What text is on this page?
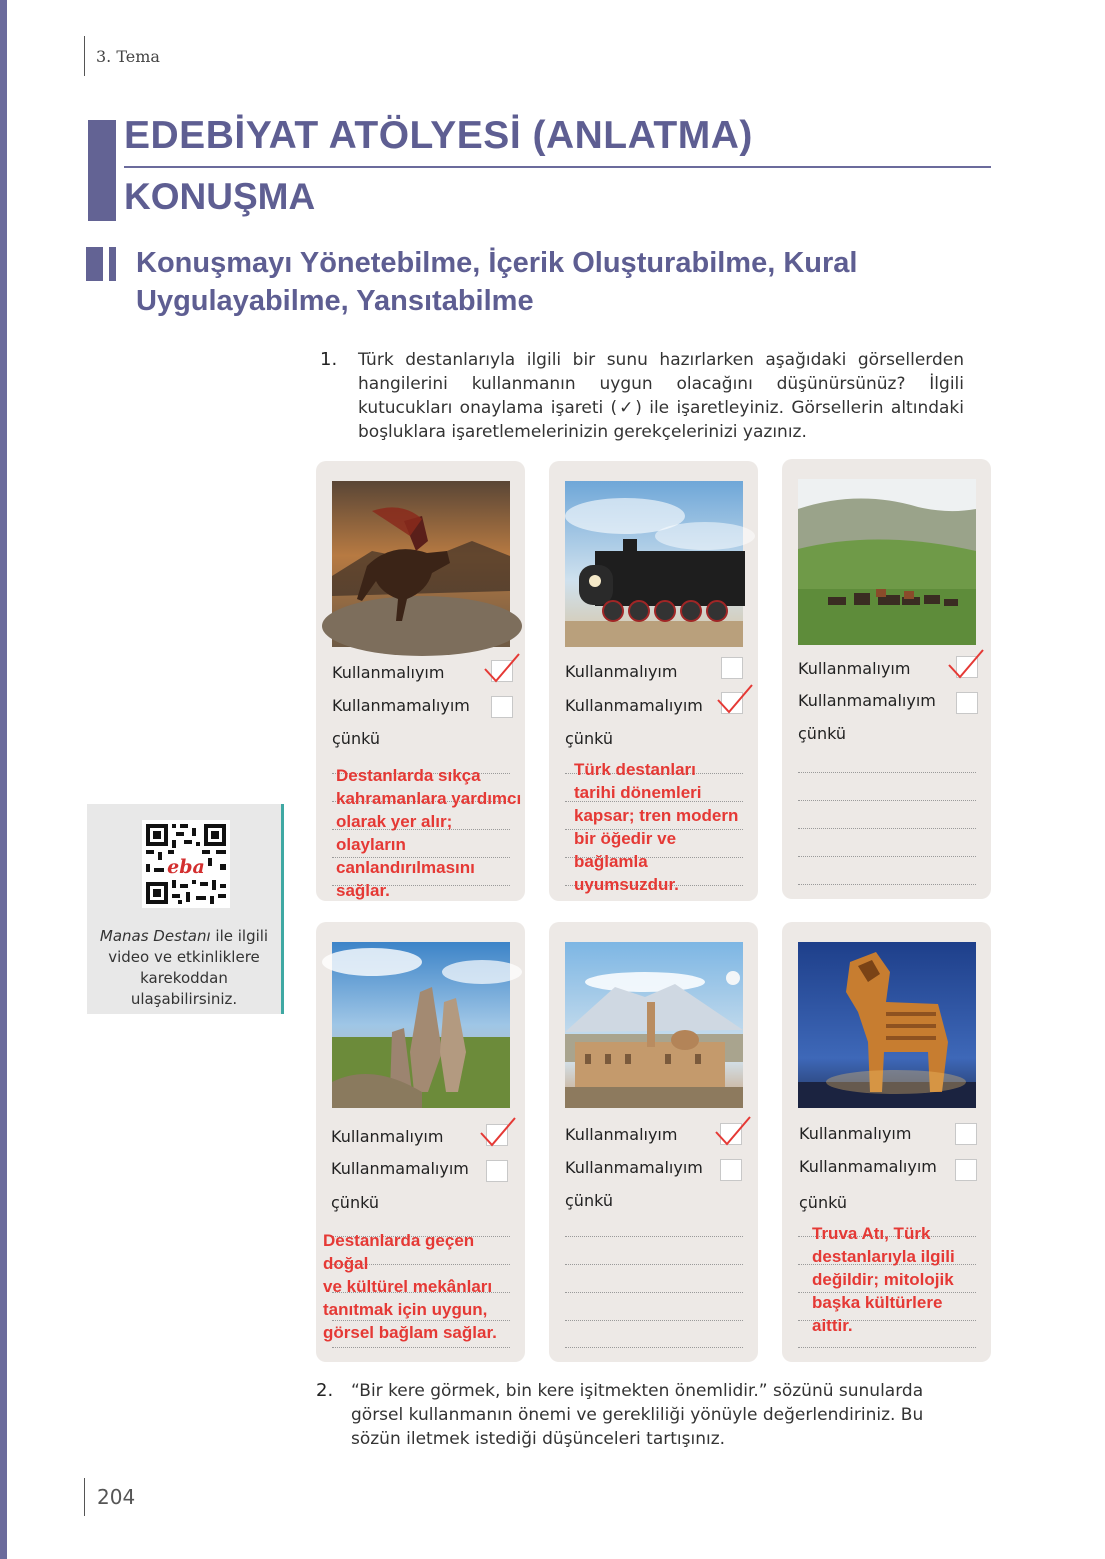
3. Tema
EDEBİYAT ATÖLYESİ (ANLATMA)
KONUŞMA
Konuşmayı Yönetebilme, İçerik Oluşturabilme, Kural Uygulayabilme, Yansıtabilme
1. Türk destanlarıyla ilgili bir sunu hazırlarken aşağıdaki görsellerden hangilerini kullanmanın uygun olacağını düşünürsünüz? İlgili kutucukları onaylama işareti (✓) ile işaretleyiniz. Görsellerin altındaki boşluklara işaretlemelerinizin gerekçelerinizi yazınız.

eba
Manas Destanı ile ilgili video ve etkinliklere karekoddan ulaşabilirsiniz.
Kullanmalıyım
Kullanmamalıyım
çünkü
Destanlarda sıkça kahramanlara yardımcı olarak yer alır; olayların canlandırılmasını sağlar.
Kullanmalıyım
Kullanmamalıyım
çünkü
Türk destanları tarihi dönemleri kapsar; tren modern bir öğedir ve bağlamla uyumsuzdur.
Kullanmalıyım
Kullanmamalıyım
çünkü
Kullanmalıyım
Kullanmamalıyım
çünkü
Destanlarda geçen doğal
ve kültürel mekânları tanıtmak için uygun, görsel bağlam sağlar.
Kullanmalıyım
Kullanmamalıyım
çünkü
Kullanmalıyım
Kullanmamalıyım
çünkü
Truva Atı, Türk destanlarıyla ilgili değildir; mitolojik başka kültürlere aittir.
2. “Bir kere görmek, bin kere işitmekten önemlidir.” sözünü sunularda görsel kullanmanın önemi ve gerekliliği yönüyle değerlendiriniz. Bu sözün iletmek istediği düşünceleri tartışınız.

204
